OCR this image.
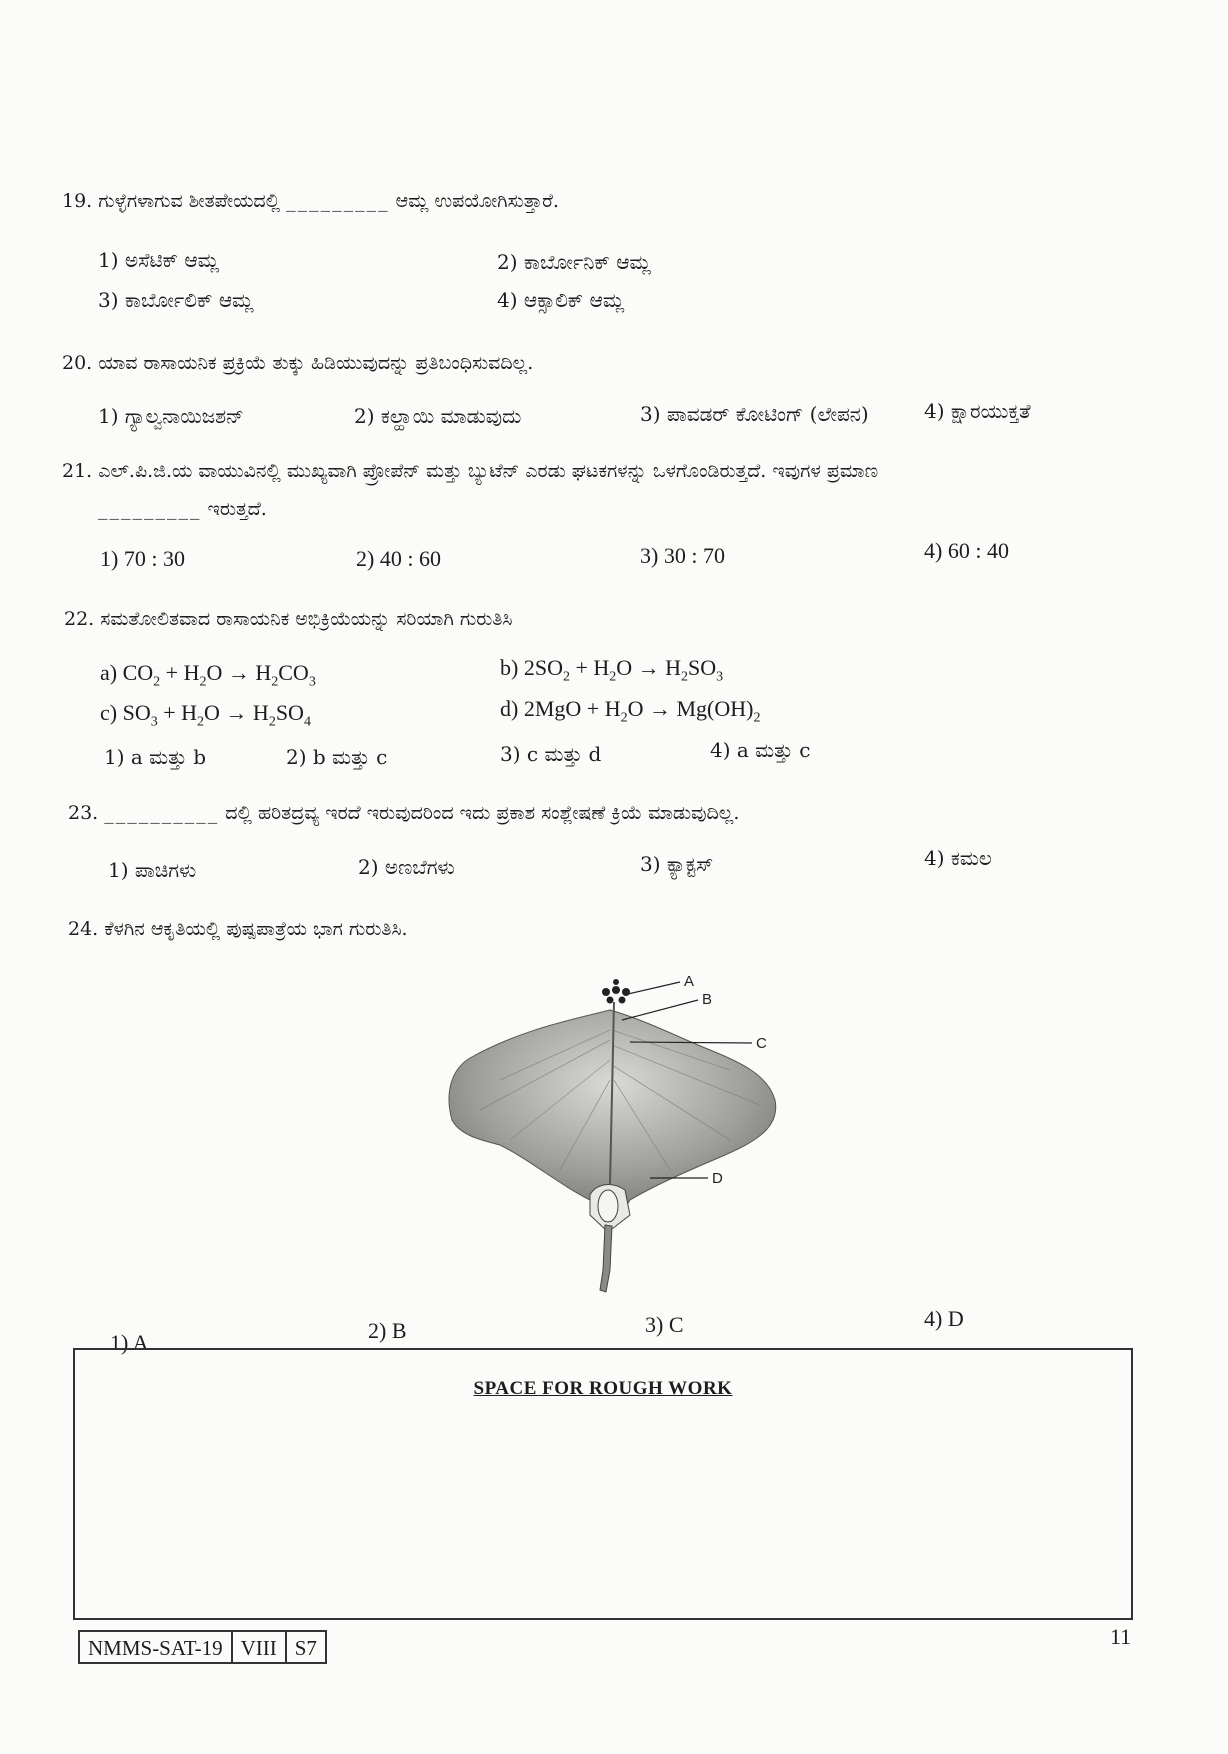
19. ಗುಳ್ಳೆಗಳಾಗುವ ಶೀತಪೇಯದಲ್ಲಿ _________ ಆಮ್ಲ ಉಪಯೋಗಿಸುತ್ತಾರೆ.
1) ಅಸೆಟಿಕ್ ಆಮ್ಲ	2) ಕಾರ್ಬೋನಿಕ್ ಆಮ್ಲ
3) ಕಾರ್ಬೋಲಿಕ್ ಆಮ್ಲ	4) ಆಕ್ಸಾಲಿಕ್ ಆಮ್ಲ
20. ಯಾವ ರಾಸಾಯನಿಕ ಪ್ರಕ್ರಿಯೆ ತುಕ್ಕು ಹಿಡಿಯುವುದನ್ನು ಪ್ರತಿಬಂಧಿಸುವದಿಲ್ಲ.
1) ಗ್ಯಾಲ್ವನಾಯಿಜಶನ್	2) ಕಲ್ಹಾಯಿ ಮಾಡುವುದು	3) ಪಾವಡರ್ ಕೋಟಿಂಗ್ (ಲೇಪನ)	4) ಕ್ಷಾರಯುಕ್ತತೆ
21. ಎಲ್.ಪಿ.ಜಿ.ಯ ವಾಯುವಿನಲ್ಲಿ ಮುಖ್ಯವಾಗಿ ಪ್ರೋಪೆನ್ ಮತ್ತು ಬ್ಯುಟೆನ್ ಎರಡು ಘಟಕಗಳನ್ನು ಒಳಗೊಂಡಿರುತ್ತದೆ. ಇವುಗಳ ಪ್ರಮಾಣ
_________ ಇರುತ್ತದೆ.
1) 70 : 30	2) 40 : 60	3) 30 : 70	4) 60 : 40
22. ಸಮತೋಲಿತವಾದ ರಾಸಾಯನಿಕ ಅಭಿಕ್ರಿಯೆಯನ್ನು ಸರಿಯಾಗಿ ಗುರುತಿಸಿ
a) $CO_2 + H_2O \to H_2CO_3$
b) $2SO_2 + H_2O \to H_2SO_3$
c) $SO_3 + H_2O \to H_2SO_4$
d) $2MgO + H_2O \to Mg(OH)_2$
1) a ಮತ್ತು b	2) b ಮತ್ತು c	3) c ಮತ್ತು d	4) a ಮತ್ತು c
23. __________ ದಲ್ಲಿ ಹರಿತದ್ರವ್ಯ ಇರದೆ ಇರುವುದರಿಂದ ಇದು ಪ್ರಕಾಶ ಸಂಶ್ಲೇಷಣೆ ಕ್ರಿಯೆ ಮಾಡುವುದಿಲ್ಲ.
1) ಪಾಚಿಗಳು	2) ಅಣಬೆಗಳು	3) ಕ್ಯಾಕ್ಟಸ್	4) ಕಮಲ
24. ಕೆಳಗಿನ ಆಕೃತಿಯಲ್ಲಿ ಪುಷ್ಪಪಾತ್ರೆಯ ಭಾಗ ಗುರುತಿಸಿ.
A
B
C
D
1) A	2) B	3) C	4) D
SPACE FOR ROUGH WORK
NMMS-SAT-19 VIII S7	11
